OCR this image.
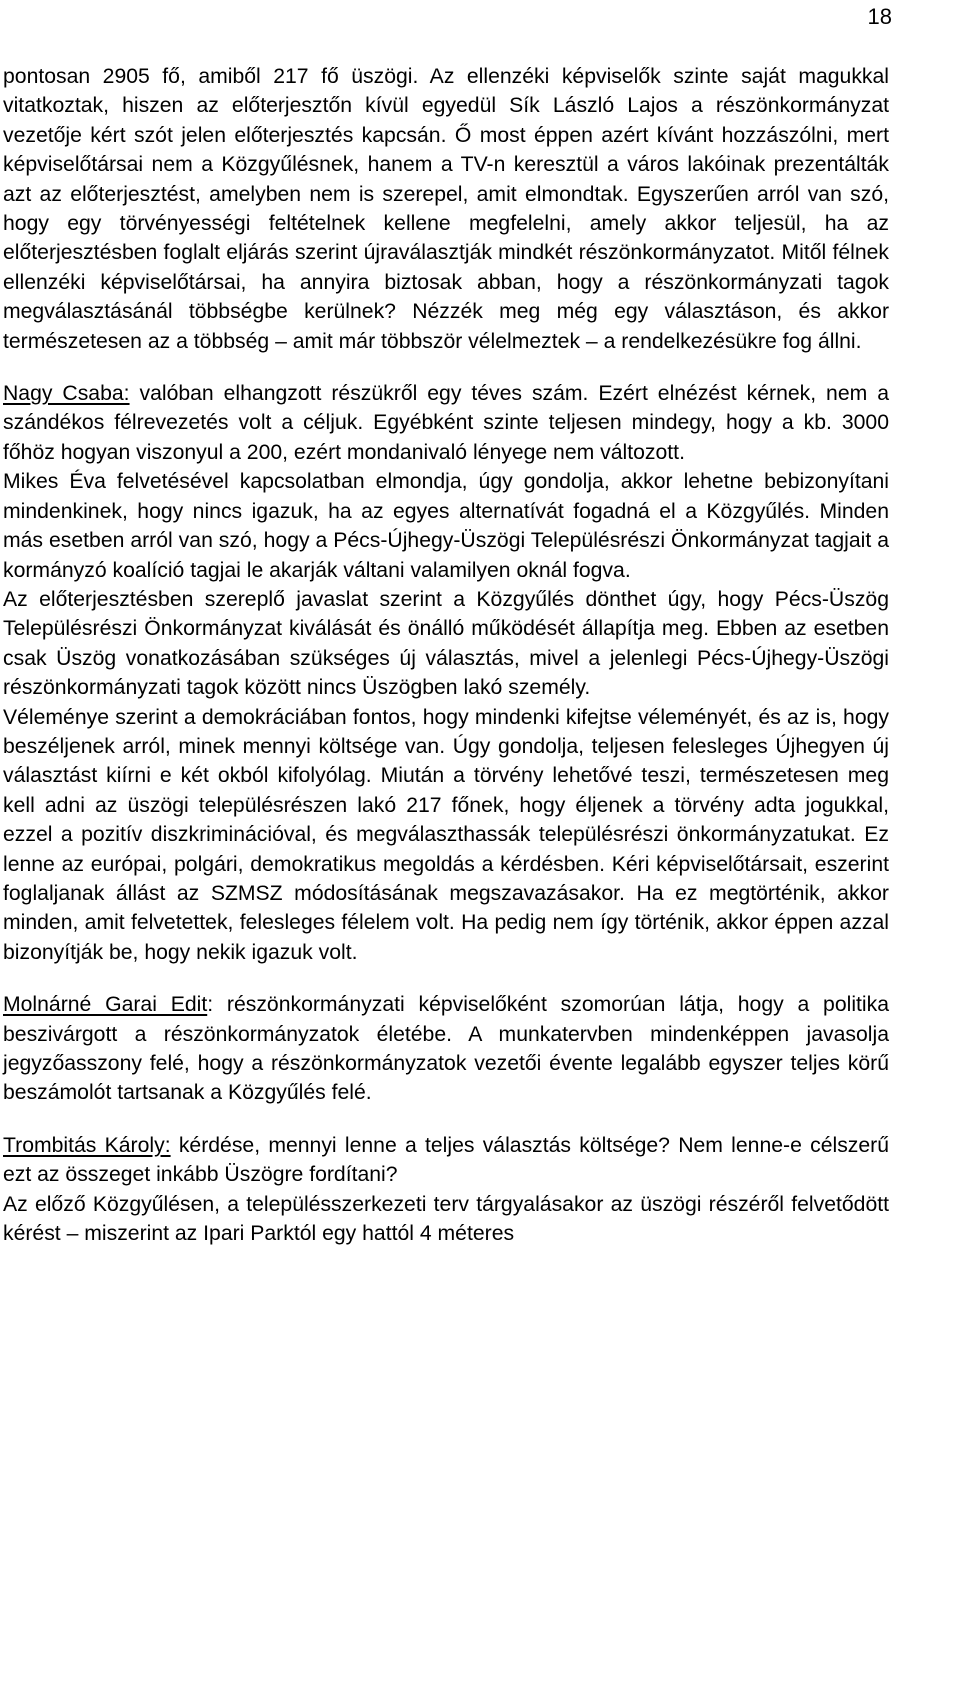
18

pontosan 2905 fő, amiből 217 fő üszögi. Az ellenzéki képviselők szinte saját magukkal vitatkoztak, hiszen az előterjesztőn kívül egyedül Sík László Lajos a részönkormányzat vezetője kért szót jelen előterjesztés kapcsán. Ő most éppen azért kívánt hozzászólni, mert képviselőtársai nem a Közgyűlésnek, hanem a TV-n keresztül a város lakóinak prezentálták azt az előterjesztést, amelyben nem is szerepel, amit elmondtak. Egyszerűen arról van szó, hogy egy törvényességi feltételnek kellene megfelelni, amely akkor teljesül, ha az előterjesztésben foglalt eljárás szerint újraválasztják mindkét részönkormányzatot. Mitől félnek ellenzéki képviselőtársai, ha annyira biztosak abban, hogy a részönkormányzati tagok megválasztásánál többségbe kerülnek? Nézzék meg még egy választáson, és akkor természetesen az a többség – amit már többször vélelmeztek – a rendelkezésükre fog állni.

Nagy Csaba: valóban elhangzott részükről egy téves szám. Ezért elnézést kérnek, nem a szándékos félrevezetés volt a céljuk. Egyébként szinte teljesen mindegy, hogy a kb. 3000 főhöz hogyan viszonyul a 200, ezért mondanivaló lényege nem változott.

Mikes Éva felvetésével kapcsolatban elmondja, úgy gondolja, akkor lehetne bebizonyítani mindenkinek, hogy nincs igazuk, ha az egyes alternatívát fogadná el a Közgyűlés. Minden más esetben arról van szó, hogy a Pécs-Újhegy-Üszögi Településrészi Önkormányzat tagjait a kormányzó koalíció tagjai le akarják váltani valamilyen oknál fogva.

Az előterjesztésben szereplő javaslat szerint a Közgyűlés dönthet úgy, hogy Pécs-Üszög Településrészi Önkormányzat kiválását és önálló működését állapítja meg. Ebben az esetben csak Üszög vonatkozásában szükséges új választás, mivel a jelenlegi Pécs-Újhegy-Üszögi részönkormányzati tagok között nincs Üszögben lakó személy.

Véleménye szerint a demokráciában fontos, hogy mindenki kifejtse véleményét, és az is, hogy beszéljenek arról, minek mennyi költsége van. Úgy gondolja, teljesen felesleges Újhegyen új választást kiírni e két okból kifolyólag. Miután a törvény lehetővé teszi, természetesen meg kell adni az üszögi településrészen lakó 217 főnek, hogy éljenek a törvény adta jogukkal, ezzel a pozitív diszkriminációval, és megválaszthassák településrészi önkormányzatukat. Ez lenne az európai, polgári, demokratikus megoldás a kérdésben. Kéri képviselőtársait, eszerint foglaljanak állást az SZMSZ módosításának megszavazásakor. Ha ez megtörténik, akkor minden, amit felvetettek, felesleges félelem volt. Ha pedig nem így történik, akkor éppen azzal bizonyítják be, hogy nekik igazuk volt.

Molnárné Garai Edit: részönkormányzati képviselőként szomorúan látja, hogy a politika beszivárgott a részönkormányzatok életébe. A munkatervben mindenképpen javasolja jegyzőasszony felé, hogy a részönkormányzatok vezetői évente legalább egyszer teljes körű beszámolót tartsanak a Közgyűlés felé.

Trombitás Károly: kérdése, mennyi lenne a teljes választás költsége? Nem lenne-e célszerű ezt az összeget inkább Üszögre fordítani?

Az előző Közgyűlésen, a településszerkezeti terv tárgyalásakor az üszögi részéről felvetődött kérést – miszerint az Ipari Parktól egy hattól 4 méteres
